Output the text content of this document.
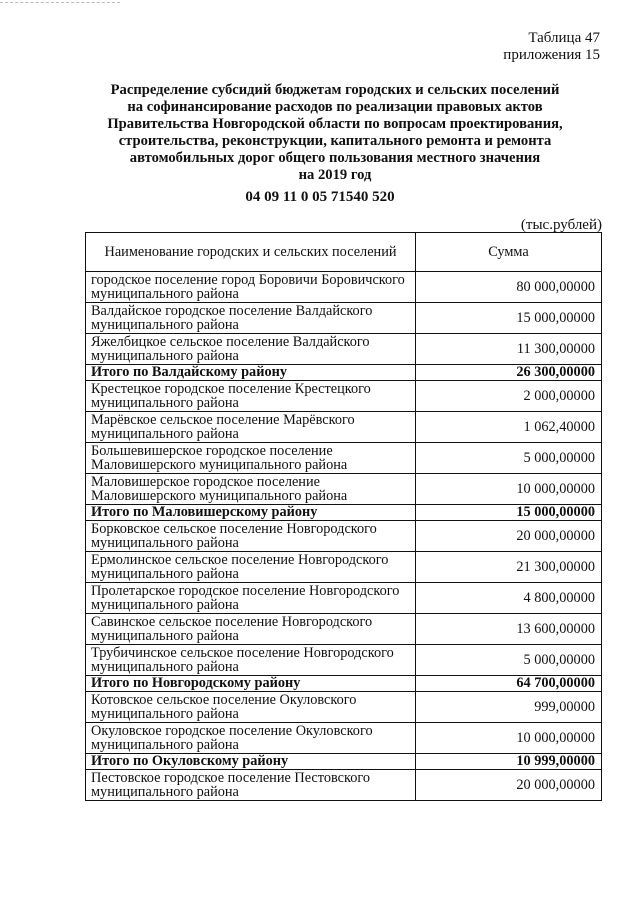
Таблица 47
приложения 15
Распределение субсидий бюджетам городских и сельских поселений
на софинансирование расходов по реализации правовых актов
Правительства Новгородской области по вопросам проектирования,
строительства, реконструкции, капитального ремонта и ремонта
автомобильных дорог общего пользования местного значения
на 2019 год
04 09 11 0 05 71540 520
(тыс.рублей)
Наименование городских и сельских поселений	Сумма
городское поселение город Боровичи Боровичского муниципального района	80 000,00000
Валдайское городское поселение Валдайского муниципального района	15 000,00000
Яжелбицкое сельское поселение Валдайского муниципального района	11 300,00000
Итого по Валдайскому району	26 300,00000
Крестецкое городское поселение Крестецкого муниципального района	2 000,00000
Марёвское сельское поселение Марёвского муниципального района	1 062,40000
Большевишерское городское поселение Маловишерского муниципального района	5 000,00000
Маловишерское городское поселение Маловишерского муниципального района	10 000,00000
Итого по Маловишерскому району	15 000,00000
Борковское сельское поселение Новгородского муниципального района	20 000,00000
Ермолинское сельское поселение Новгородского муниципального района	21 300,00000
Пролетарское городское поселение Новгородского муниципального района	4 800,00000
Савинское сельское поселение Новгородского муниципального района	13 600,00000
Трубичинское сельское поселение Новгородского муниципального района	5 000,00000
Итого по Новгородскому району	64 700,00000
Котовское сельское поселение Окуловского муниципального района	999,00000
Окуловское городское поселение Окуловского муниципального района	10 000,00000
Итого по Окуловскому району	10 999,00000
Пестовское городское поселение Пестовского муниципального района	20 000,00000
